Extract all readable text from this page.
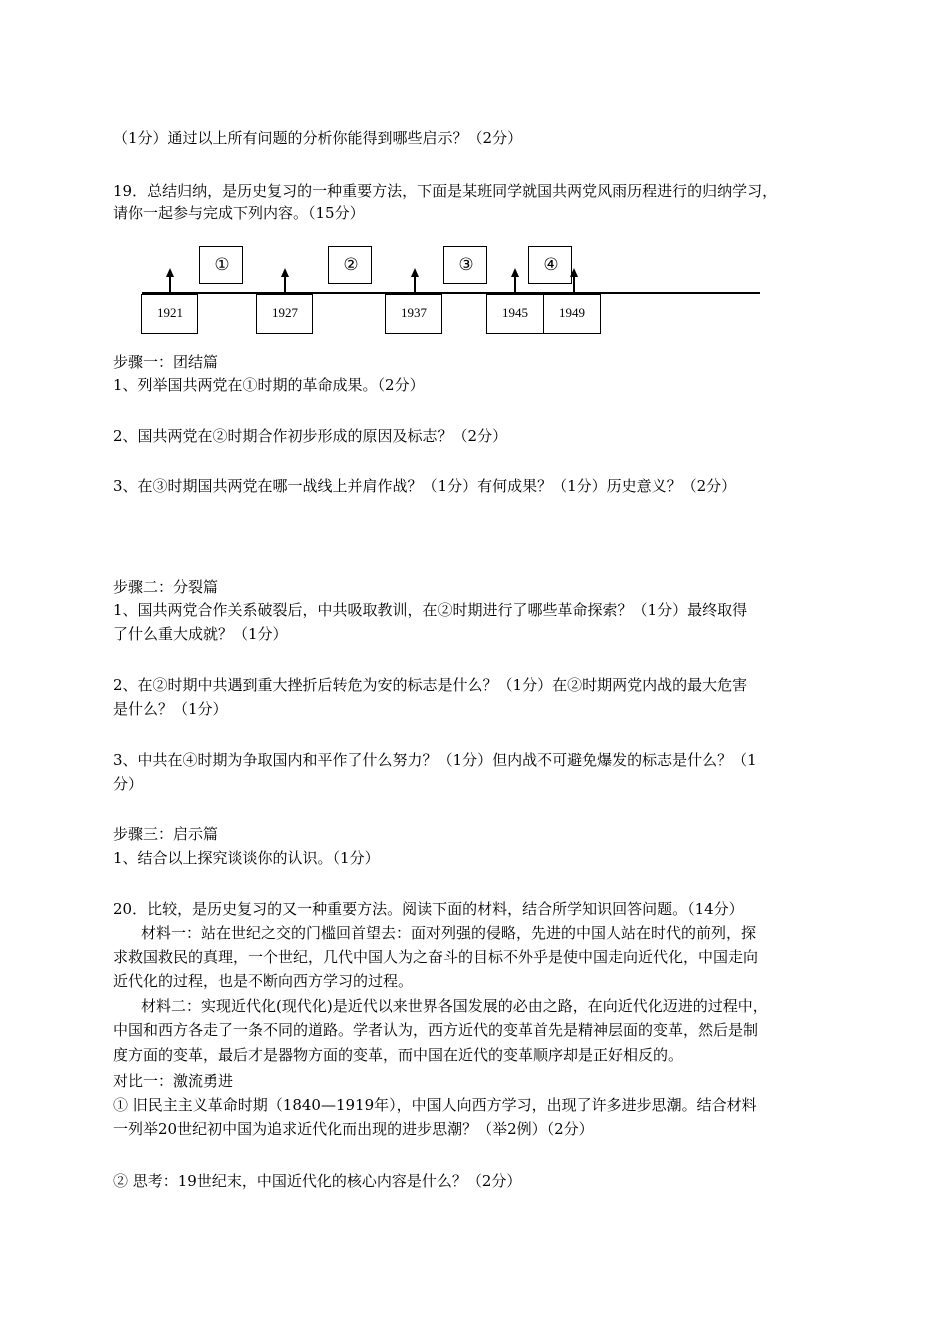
（1分）通过以上所有问题的分析你能得到哪些启示？（2分）
19．总结归纳，是历史复习的一种重要方法，下面是某班同学就国共两党风雨历程进行的归纳学习，
请你一起参与完成下列内容。（15分）
①	②	③	④
1921	1927	1937	1945	1949
步骤一：团结篇
1、列举国共两党在①时期的革命成果。（2分）
2、国共两党在②时期合作初步形成的原因及标志？（2分）
3、在③时期国共两党在哪一战线上并肩作战？（1分）有何成果？（1分）历史意义？（2分）
步骤二：分裂篇
1、国共两党合作关系破裂后，中共吸取教训，在②时期进行了哪些革命探索？（1分）最终取得
了什么重大成就？（1分）
2、在②时期中共遇到重大挫折后转危为安的标志是什么？（1分）在②时期两党内战的最大危害
是什么？（1分）
3、中共在④时期为争取国内和平作了什么努力？（1分）但内战不可避免爆发的标志是什么？（1
分）
步骤三：启示篇
1、结合以上探究谈谈你的认识。（1分）
20．比较，是历史复习的又一种重要方法。阅读下面的材料，结合所学知识回答问题。（14分）
材料一：站在世纪之交的门槛回首望去：面对列强的侵略，先进的中国人站在时代的前列，探
求救国救民的真理，一个世纪，几代中国人为之奋斗的目标不外乎是使中国走向近代化，中国走向
近代化的过程，也是不断向西方学习的过程。
材料二：实现近代化(现代化)是近代以来世界各国发展的必由之路，在向近代化迈进的过程中，
中国和西方各走了一条不同的道路。学者认为，西方近代的变革首先是精神层面的变革，然后是制
度方面的变革，最后才是器物方面的变革，而中国在近代的变革顺序却是正好相反的。
对比一：激流勇进
① 旧民主主义革命时期（1840—1919年），中国人向西方学习，出现了许多进步思潮。结合材料
一列举20世纪初中国为追求近代化而出现的进步思潮？（举2例）（2分）
② 思考：19世纪末，中国近代化的核心内容是什么？（2分）
